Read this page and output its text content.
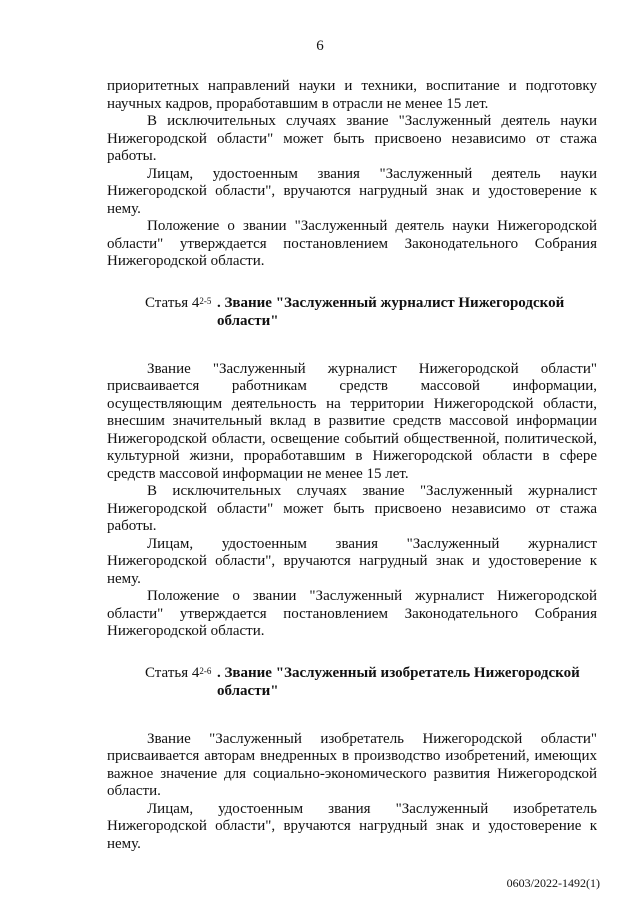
6

приоритетных направлений науки и техники, воспитание и подготовку научных кадров, проработавшим в отрасли не менее 15 лет.

В исключительных случаях звание "Заслуженный деятель науки Нижегородской области" может быть присвоено независимо от стажа работы.

Лицам, удостоенным звания "Заслуженный деятель науки Нижегородской области", вручаются нагрудный знак и удостоверение к нему.

Положение о звании "Заслуженный деятель науки Нижегородской области" утверждается постановлением Законодательного Собрания Нижегородской области.

Статья 4$^{2-5}$ . Звание "Заслуженный журналист Нижегородской
области"

Звание "Заслуженный журналист Нижегородской области" присваивается работникам средств массовой информации, осуществляющим деятельность на территории Нижегородской области, внесшим значительный вклад в развитие средств массовой информации Нижегородской области, освещение событий общественной, политической, культурной жизни, проработавшим в Нижегородской области в сфере средств массовой информации не менее 15 лет.

В исключительных случаях звание "Заслуженный журналист Нижегородской области" может быть присвоено независимо от стажа работы.

Лицам, удостоенным звания "Заслуженный журналист Нижегородской области", вручаются нагрудный знак и удостоверение к нему.

Положение о звании "Заслуженный журналист Нижегородской области" утверждается постановлением Законодательного Собрания Нижегородской области.

Статья 4$^{2-6}$ . Звание "Заслуженный изобретатель Нижегородской
области"

Звание "Заслуженный изобретатель Нижегородской области" присваивается авторам внедренных в производство изобретений, имеющих важное значение для социально-экономического развития Нижегородской области.

Лицам, удостоенным звания "Заслуженный изобретатель Нижегородской области", вручаются нагрудный знак и удостоверение к нему.

0603/2022-1492(1)
